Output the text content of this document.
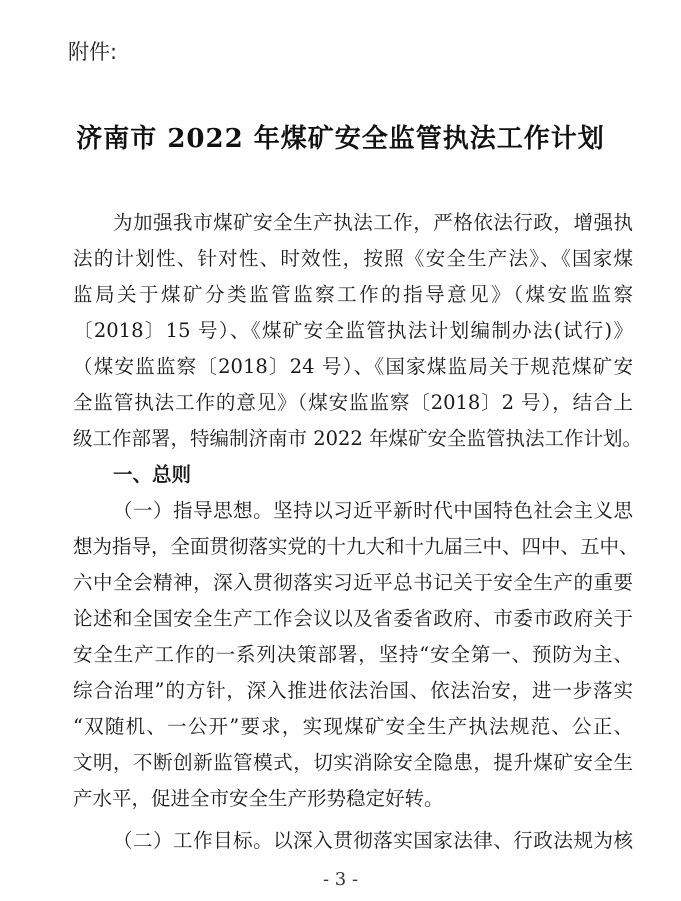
附件:
济南市 2022 年煤矿安全监管执法工作计划
为加强我市煤矿安全生产执法工作，严格依法行政，增强执
法的计划性、针对性、时效性，按照《安全生产法》、《国家煤
监局关于煤矿分类监管监察工作的指导意见》（煤安监监察
〔2018〕15 号）、《煤矿安全监管执法计划编制办法(试行)》
（煤安监监察〔2018〕24 号）、《国家煤监局关于规范煤矿安
全监管执法工作的意见》（煤安监监察〔2018〕2 号），结合上
级工作部署，特编制济南市 2022 年煤矿安全监管执法工作计划。
一、总则
（一）指导思想。坚持以习近平新时代中国特色社会主义思
想为指导，全面贯彻落实党的十九大和十九届三中、四中、五中、
六中全会精神，深入贯彻落实习近平总书记关于安全生产的重要
论述和全国安全生产工作会议以及省委省政府、市委市政府关于
安全生产工作的一系列决策部署，坚持“安全第一、预防为主、
综合治理”的方针，深入推进依法治国、依法治安，进一步落实
“双随机、一公开”要求，实现煤矿安全生产执法规范、公正、
文明，不断创新监管模式，切实消除安全隐患，提升煤矿安全生
产水平，促进全市安全生产形势稳定好转。
（二）工作目标。以深入贯彻落实国家法律、行政法规为核
- 3 -
